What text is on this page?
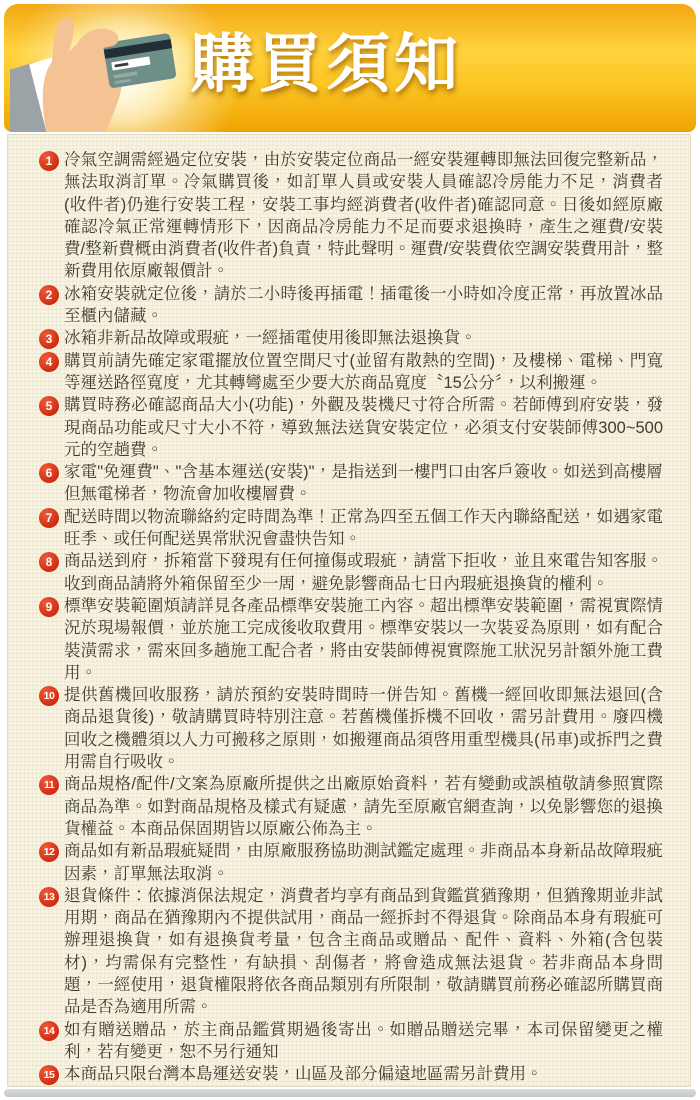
購買須知
1 冷氣空調需經過定位安裝，由於安裝定位商品一經安裝運轉即無法回復完整新品，無法取消訂單。冷氣購買後，如訂單人員或安裝人員確認冷房能力不足，消費者(收件者)仍進行安裝工程，安裝工事均經消費者(收件者)確認同意。日後如經原廠確認冷氣正常運轉情形下，因商品冷房能力不足而要求退換時，產生之運費/安裝費/整新費概由消費者(收件者)負責，特此聲明。運費/安裝費依空調安裝費用計，整新費用依原廠報價計。

2 冰箱安裝就定位後，請於二小時後再插電！插電後一小時如冷度正常，再放置冰品至櫃內儲藏。

3 冰箱非新品故障或瑕疵，一經插電使用後即無法退換貨。

4 購買前請先確定家電擺放位置空間尺寸(並留有散熱的空間)，及樓梯、電梯、門寬等運送路徑寬度，尤其轉彎處至少要大於商品寬度〝15公分〞，以利搬運。

5 購買時務必確認商品大小(功能)，外觀及裝機尺寸符合所需。若師傅到府安裝，發現商品功能或尺寸大小不符，導致無法送貨安裝定位，必須支付安裝師傅300~500元的空趟費。

6 家電"免運費"、"含基本運送(安裝)"，是指送到一樓門口由客戶簽收。如送到高樓層但無電梯者，物流會加收樓層費。

7 配送時間以物流聯絡約定時間為準！正常為四至五個工作天內聯絡配送，如遇家電旺季、或任何配送異常狀況會盡快告知。

8 商品送到府，拆箱當下發現有任何撞傷或瑕疵，請當下拒收，並且來電告知客服。收到商品請將外箱保留至少一周，避免影響商品七日內瑕疵退換貨的權利。

9 標準安裝範圍煩請詳見各產品標準安裝施工內容。超出標準安裝範圍，需視實際情況於現場報價，並於施工完成後收取費用。標準安裝以一次裝妥為原則，如有配合裝潢需求，需來回多趟施工配合者，將由安裝師傅視實際施工狀況另計額外施工費用。

10 提供舊機回收服務，請於預約安裝時間時一併告知。舊機一經回收即無法退回(含商品退貨後)，敬請購買時特別注意。若舊機僅拆機不回收，需另計費用。廢四機回收之機體須以人力可搬移之原則，如搬運商品須啓用重型機具(吊車)或拆門之費用需自行吸收。

11 商品規格/配件/文案為原廠所提供之出廠原始資料，若有變動或誤植敬請參照實際商品為準。如對商品規格及樣式有疑慮，請先至原廠官網查詢，以免影響您的退換貨權益。本商品保固期皆以原廠公佈為主。

12 商品如有新品瑕疵疑問，由原廠服務協助測試鑑定處理。非商品本身新品故障瑕疵因素，訂單無法取消。

13 退貨條件：依據消保法規定，消費者均享有商品到貨鑑賞猶豫期，但猶豫期並非試用期，商品在猶豫期內不提供試用，商品一經拆封不得退貨。除商品本身有瑕疵可辦理退換貨，如有退換貨考量，包含主商品或贈品、配件、資料、外箱(含包裝材)，均需保有完整性，有缺損、刮傷者，將會造成無法退貨。若非商品本身問題，一經使用，退貨權限將依各商品類別有所限制，敬請購買前務必確認所購買商品是否為適用所需。

14 如有贈送贈品，於主商品鑑賞期過後寄出。如贈品贈送完畢，本司保留變更之權利，若有變更，恕不另行通知

15 本商品只限台灣本島運送安裝，山區及部分偏遠地區需另計費用。
